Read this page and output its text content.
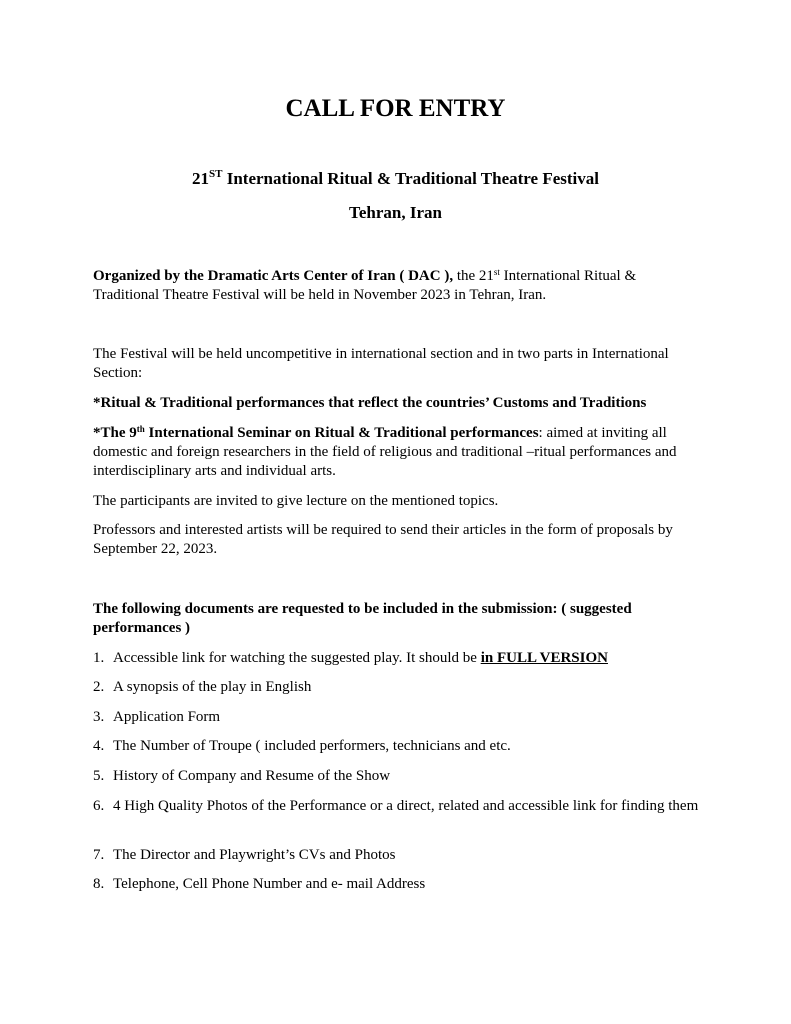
CALL FOR ENTRY

21ST International Ritual & Traditional Theatre Festival

Tehran, Iran

Organized by the Dramatic Arts Center of Iran ( DAC ), the 21st International Ritual & Traditional Theatre Festival will be held in November 2023 in Tehran, Iran.
The Festival will be held uncompetitive in international section and in two parts in International Section:
*Ritual & Traditional performances that reflect the countries’ Customs and Traditions
*The 9th International Seminar on Ritual & Traditional performances: aimed at inviting all domestic and foreign researchers in the field of religious and traditional –ritual performances and interdisciplinary arts and individual arts.
The participants are invited to give lecture on the mentioned topics.
Professors and interested artists will be required to send their articles in the form of proposals by September 22, 2023.
The following documents are requested to be included in the submission: ( suggested performances )
1. Accessible link for watching the suggested play. It should be in FULL VERSION
2. A synopsis of the play in English
3. Application Form
4. The Number of Troupe ( included performers, technicians and etc.
5. History of Company and Resume of the Show
6. 4 High Quality Photos of the Performance or a direct, related and accessible link for finding them
7. The Director and Playwright’s CVs and Photos
8. Telephone, Cell Phone Number and e- mail Address
